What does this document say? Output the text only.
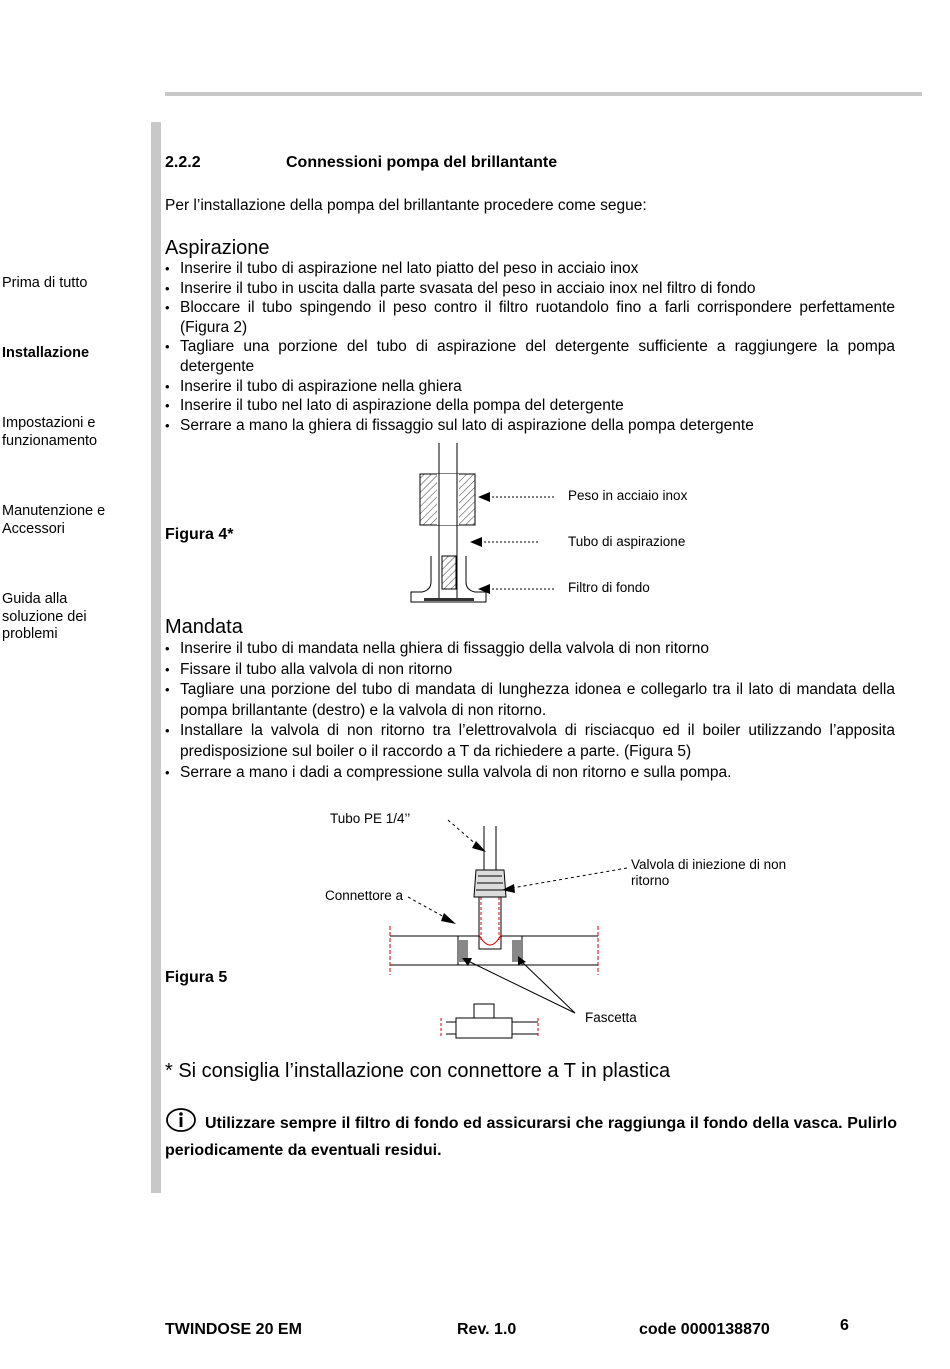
Prima di tutto
Installazione
Impostazioni e
funzionamento
Manutenzione e
Accessori
Guida alla
soluzione dei
problemi
2.2.2	Connessioni pompa del brillantante
Per l’installazione della pompa del brillantante procedere come segue:
Aspirazione
• Inserire il tubo di aspirazione nel lato piatto del peso in acciaio inox
• Inserire il tubo in uscita dalla parte svasata del peso in acciaio inox nel filtro di fondo
• Bloccare il tubo spingendo il peso contro il filtro ruotandolo fino a farli corrispondere perfettamente (Figura 2)
• Tagliare una porzione del tubo di aspirazione del detergente sufficiente a raggiungere la pompa detergente
• Inserire il tubo di aspirazione nella ghiera
• Inserire il tubo nel lato di aspirazione della pompa del detergente
• Serrare a mano la ghiera di fissaggio sul lato di aspirazione della pompa detergente
Figura 4*
Peso in acciaio inox
Tubo di aspirazione
Filtro di fondo
Mandata
• Inserire il tubo di mandata nella ghiera di fissaggio della valvola di non ritorno
• Fissare il tubo alla valvola di non ritorno
• Tagliare una porzione del tubo di mandata di lunghezza idonea e collegarlo tra il lato di mandata della pompa brillantante (destro) e la valvola di non ritorno.
• Installare la valvola di non ritorno tra l’elettrovalvola di risciacquo ed il boiler utilizzando l’apposita predisposizione sul boiler o il raccordo a T da richiedere a parte. (Figura 5)
• Serrare a mano i dadi a compressione sulla valvola di non ritorno e sulla pompa.
Figura 5
Tubo PE 1/4’’
Connettore a
Valvola di iniezione di non
ritorno
Fascetta
* Si consiglia l’installazione con connettore a T in plastica
Utilizzare sempre il filtro di fondo ed assicurarsi che raggiunga il fondo della vasca. Pulirlo periodicamente da eventuali residui.
TWINDOSE 20 EM	Rev. 1.0	code 0000138870	6
